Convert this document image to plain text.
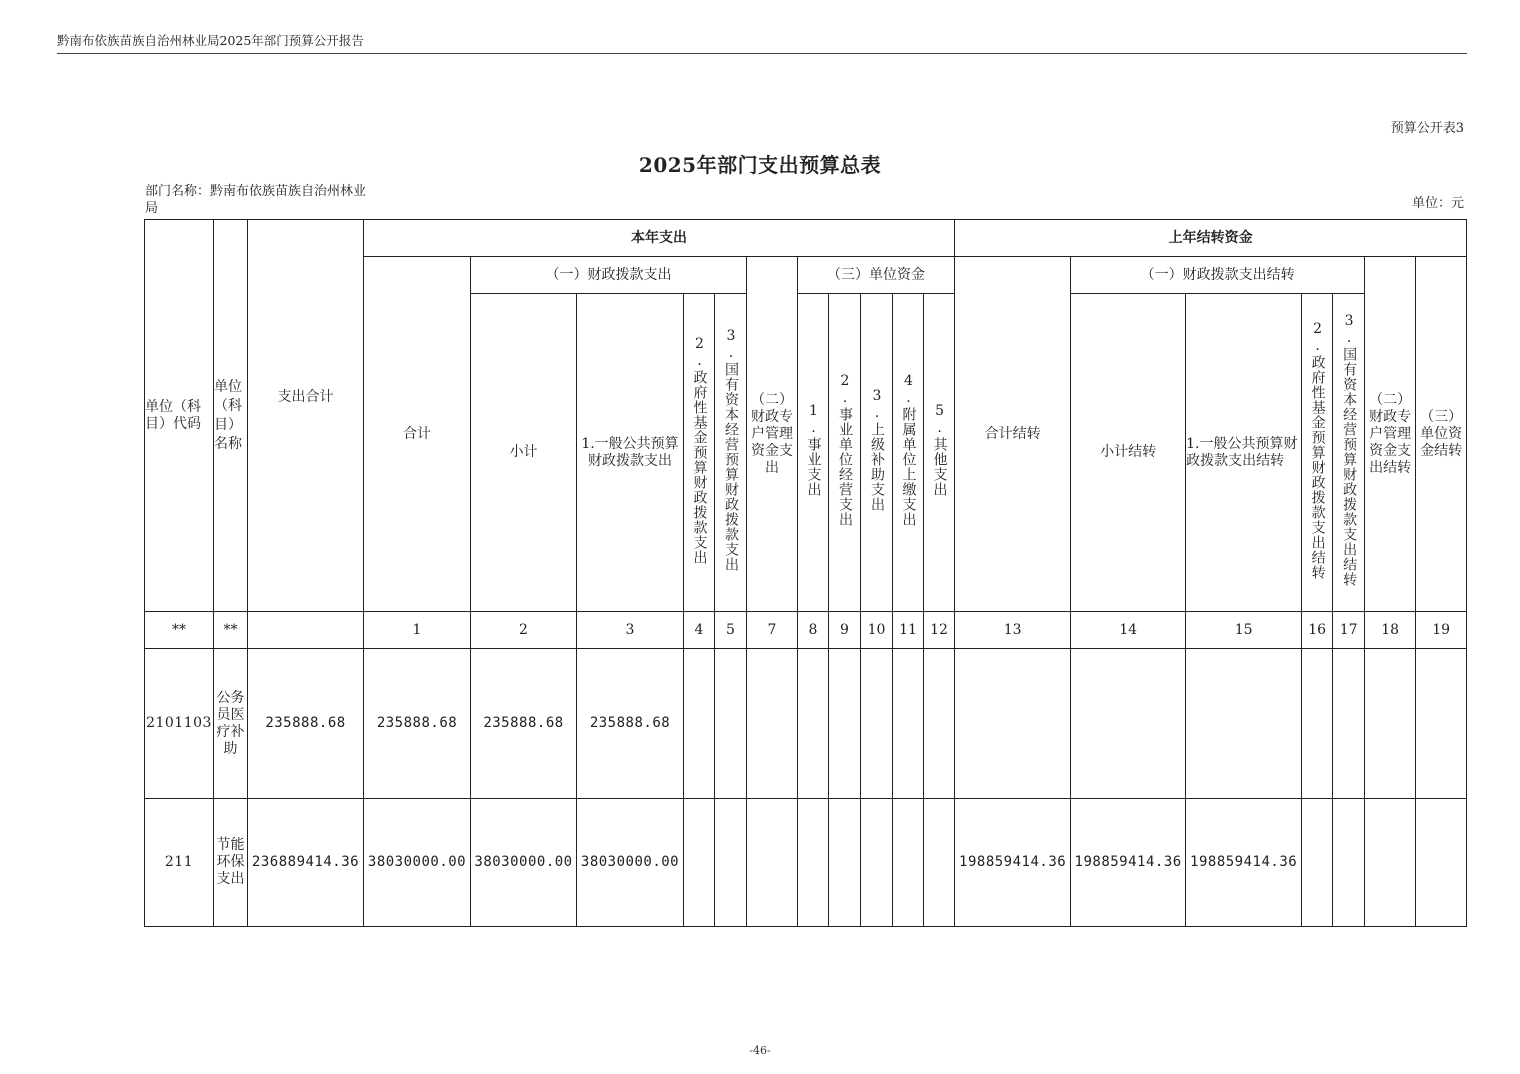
黔南布依族苗族自治州林业局2025年部门预算公开报告
预算公开表3
2025年部门支出预算总表
部门名称：黔南布依族苗族自治州林业局	单位：元
单位（科目）代码	单位（科目）名称	支出合计	本年支出											上年结转资金						
			合计	（一）财政拨款支出				（二）财政专户管理资金支出	（三）单位资金					合计结转	（一）财政拨款支出结转				（二）财政专户管理资金支出结转	（三）单位资金结转
				小计	1.一般公共预算财政拨款支出	2.政府性基金预算财政拨款支出	3.国有资本经营预算财政拨款支出		1.事业支出	2.事业单位经营支出	3.上级补助支出	4.附属单位上缴支出	5.其他支出		小计结转	1.一般公共预算财政拨款支出结转	2.政府性基金预算财政拨款支出结转	3.国有资本经营预算财政拨款支出结转		
**	**		1	2	3	4	5	7	8	9	10	11	12	13	14	15	16	17	18	19
2101103	公务员医疗补助	235888.68	235888.68	235888.68	235888.68															
211	节能环保支出	236889414.36	38030000.00	38030000.00	38030000.00									198859414.36	198859414.36	198859414.36				
-46-
